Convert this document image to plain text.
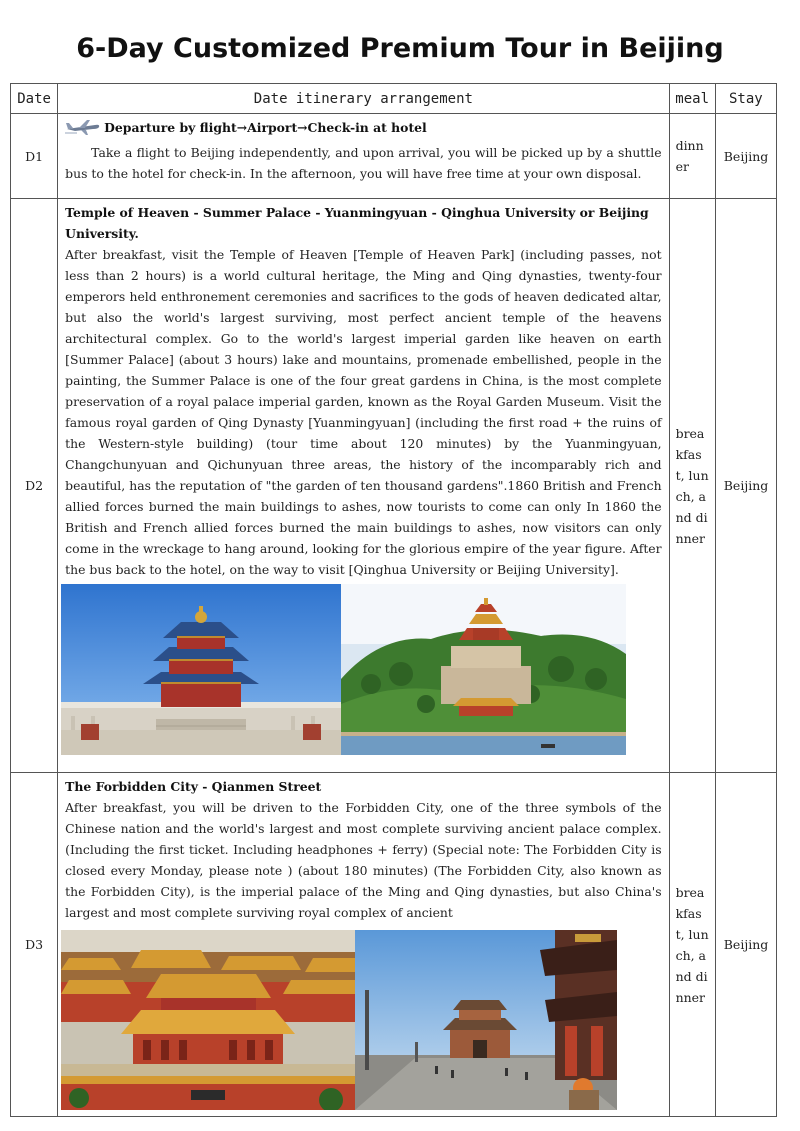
6-Day Customized Premium Tour in Beijing
Date	Date itinerary arrangement	meal	Stay
D1	Departure by flight→Airport→Check-in at hotel

Take a flight to Beijing independently, and upon arrival, you will be picked up by a shuttle bus to the hotel for check-in. In the afternoon, you will have free time at your own disposal.	dinner	Beijing
D2	Temple of Heaven - Summer Palace - Yuanmingyuan - Qinghua University or Beijing University.

After breakfast, visit the Temple of Heaven [Temple of Heaven Park] (including passes, not less than 2 hours) is a world cultural heritage, the Ming and Qing dynasties, twenty-four emperors held enthronement ceremonies and sacrifices to the gods of heaven dedicated altar, but also the world's largest surviving, most perfect ancient temple of the heavens architectural complex. Go to the world's largest imperial garden like heaven on earth [Summer Palace] (about 3 hours) lake and mountains, promenade embellished, people in the painting, the Summer Palace is one of the four great gardens in China, is the most complete preservation of a royal palace imperial garden, known as the Royal Garden Museum. Visit the famous royal garden of Qing Dynasty [Yuanmingyuan] (including the first road + the ruins of the Western-style building) (tour time about 120 minutes) by the Yuanmingyuan, Changchunyuan and Qichunyuan three areas, the history of the incomparably rich and beautiful, has the reputation of "the garden of ten thousand gardens".1860 British and French allied forces burned the main buildings to ashes, now tourists to come can only In 1860 the British and French allied forces burned the main buildings to ashes, now visitors can only come in the wreckage to hang around, looking for the glorious empire of the year figure. After the bus back to the hotel, on the way to visit [Qinghua University or Beijing University].	breakfast, lunch, and dinner	Beijing
D3	The Forbidden City - Qianmen Street

After breakfast, you will be driven to the Forbidden City, one of the three symbols of the Chinese nation and the world's largest and most complete surviving ancient palace complex. (Including the first ticket. Including headphones + ferry) (Special note: The Forbidden City is closed every Monday, please note ) (about 180 minutes) (The Forbidden City, also known as the Forbidden City), is the imperial palace of the Ming and Qing dynasties, but also China's largest and most complete surviving royal complex of ancient	breakfast, lunch, and dinner	Beijing
